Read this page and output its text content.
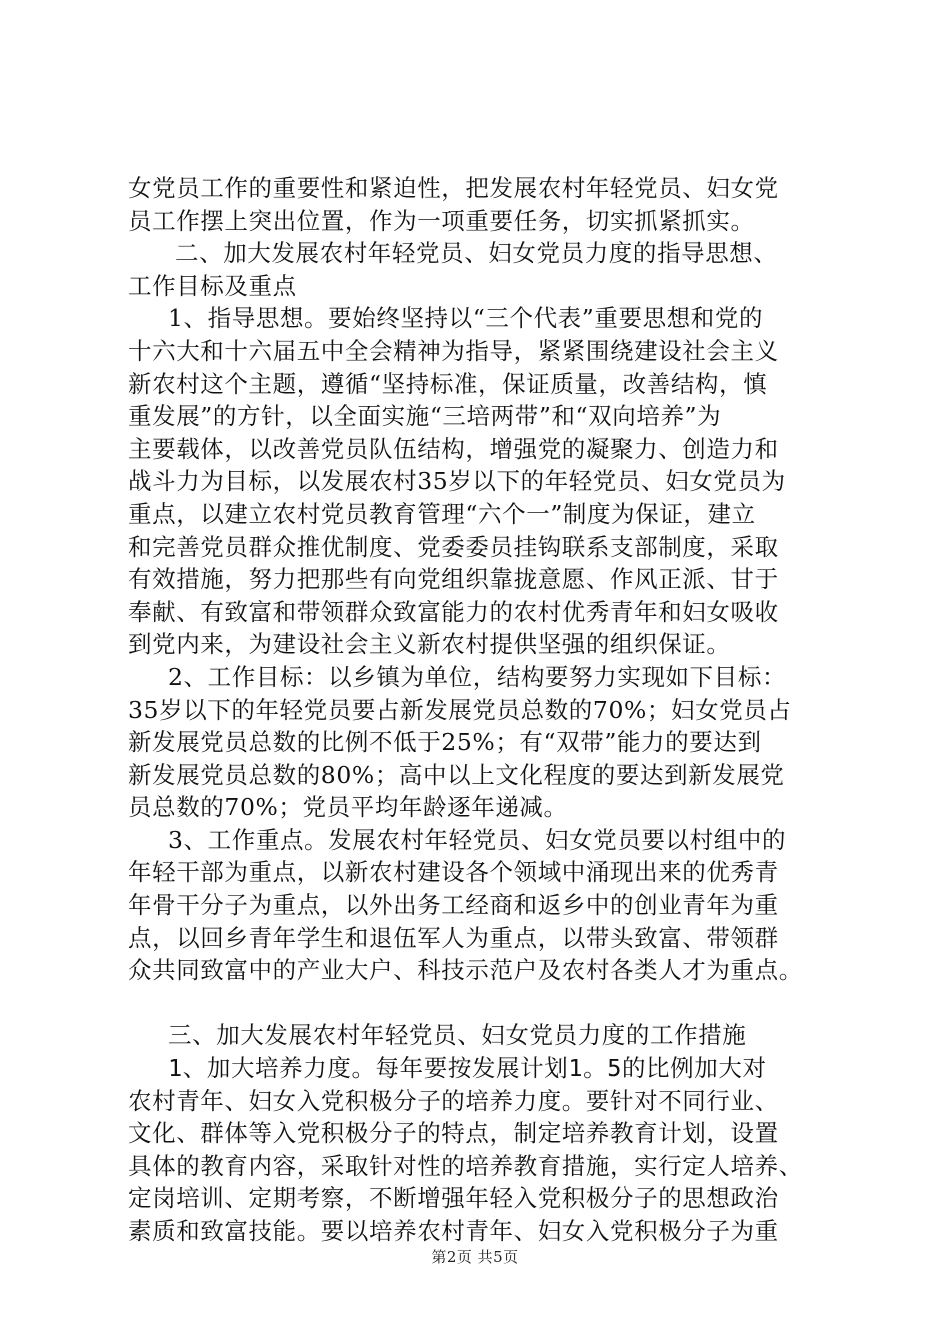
女党员工作的重要性和紧迫性，把发展农村年轻党员、妇女党
员工作摆上突出位置，作为一项重要任务，切实抓紧抓实。
二、加大发展农村年轻党员、妇女党员力度的指导思想、
工作目标及重点
1、指导思想。要始终坚持以“三个代表”重要思想和党的
十六大和十六届五中全会精神为指导，紧紧围绕建设社会主义
新农村这个主题，遵循“坚持标准，保证质量，改善结构，慎
重发展”的方针，以全面实施“三培两带”和“双向培养”为
主要载体，以改善党员队伍结构，增强党的凝聚力、创造力和
战斗力为目标，以发展农村35岁以下的年轻党员、妇女党员为
重点，以建立农村党员教育管理“六个一”制度为保证，建立
和完善党员群众推优制度、党委委员挂钩联系支部制度，采取
有效措施，努力把那些有向党组织靠拢意愿、作风正派、甘于
奉献、有致富和带领群众致富能力的农村优秀青年和妇女吸收
到党内来，为建设社会主义新农村提供坚强的组织保证。
2、工作目标：以乡镇为单位，结构要努力实现如下目标：
35岁以下的年轻党员要占新发展党员总数的70%；妇女党员占
新发展党员总数的比例不低于25%；有“双带”能力的要达到
新发展党员总数的80%；高中以上文化程度的要达到新发展党
员总数的70%；党员平均年龄逐年递减。
3、工作重点。发展农村年轻党员、妇女党员要以村组中的
年轻干部为重点，以新农村建设各个领域中涌现出来的优秀青
年骨干分子为重点，以外出务工经商和返乡中的创业青年为重
点，以回乡青年学生和退伍军人为重点，以带头致富、带领群
众共同致富中的产业大户、科技示范户及农村各类人才为重点。
三、加大发展农村年轻党员、妇女党员力度的工作措施
1、加大培养力度。每年要按发展计划1。5的比例加大对
农村青年、妇女入党积极分子的培养力度。要针对不同行业、
文化、群体等入党积极分子的特点，制定培养教育计划，设置
具体的教育内容，采取针对性的培养教育措施，实行定人培养、
定岗培训、定期考察，不断增强年轻入党积极分子的思想政治
素质和致富技能。要以培养农村青年、妇女入党积极分子为重
第2页 共5页
